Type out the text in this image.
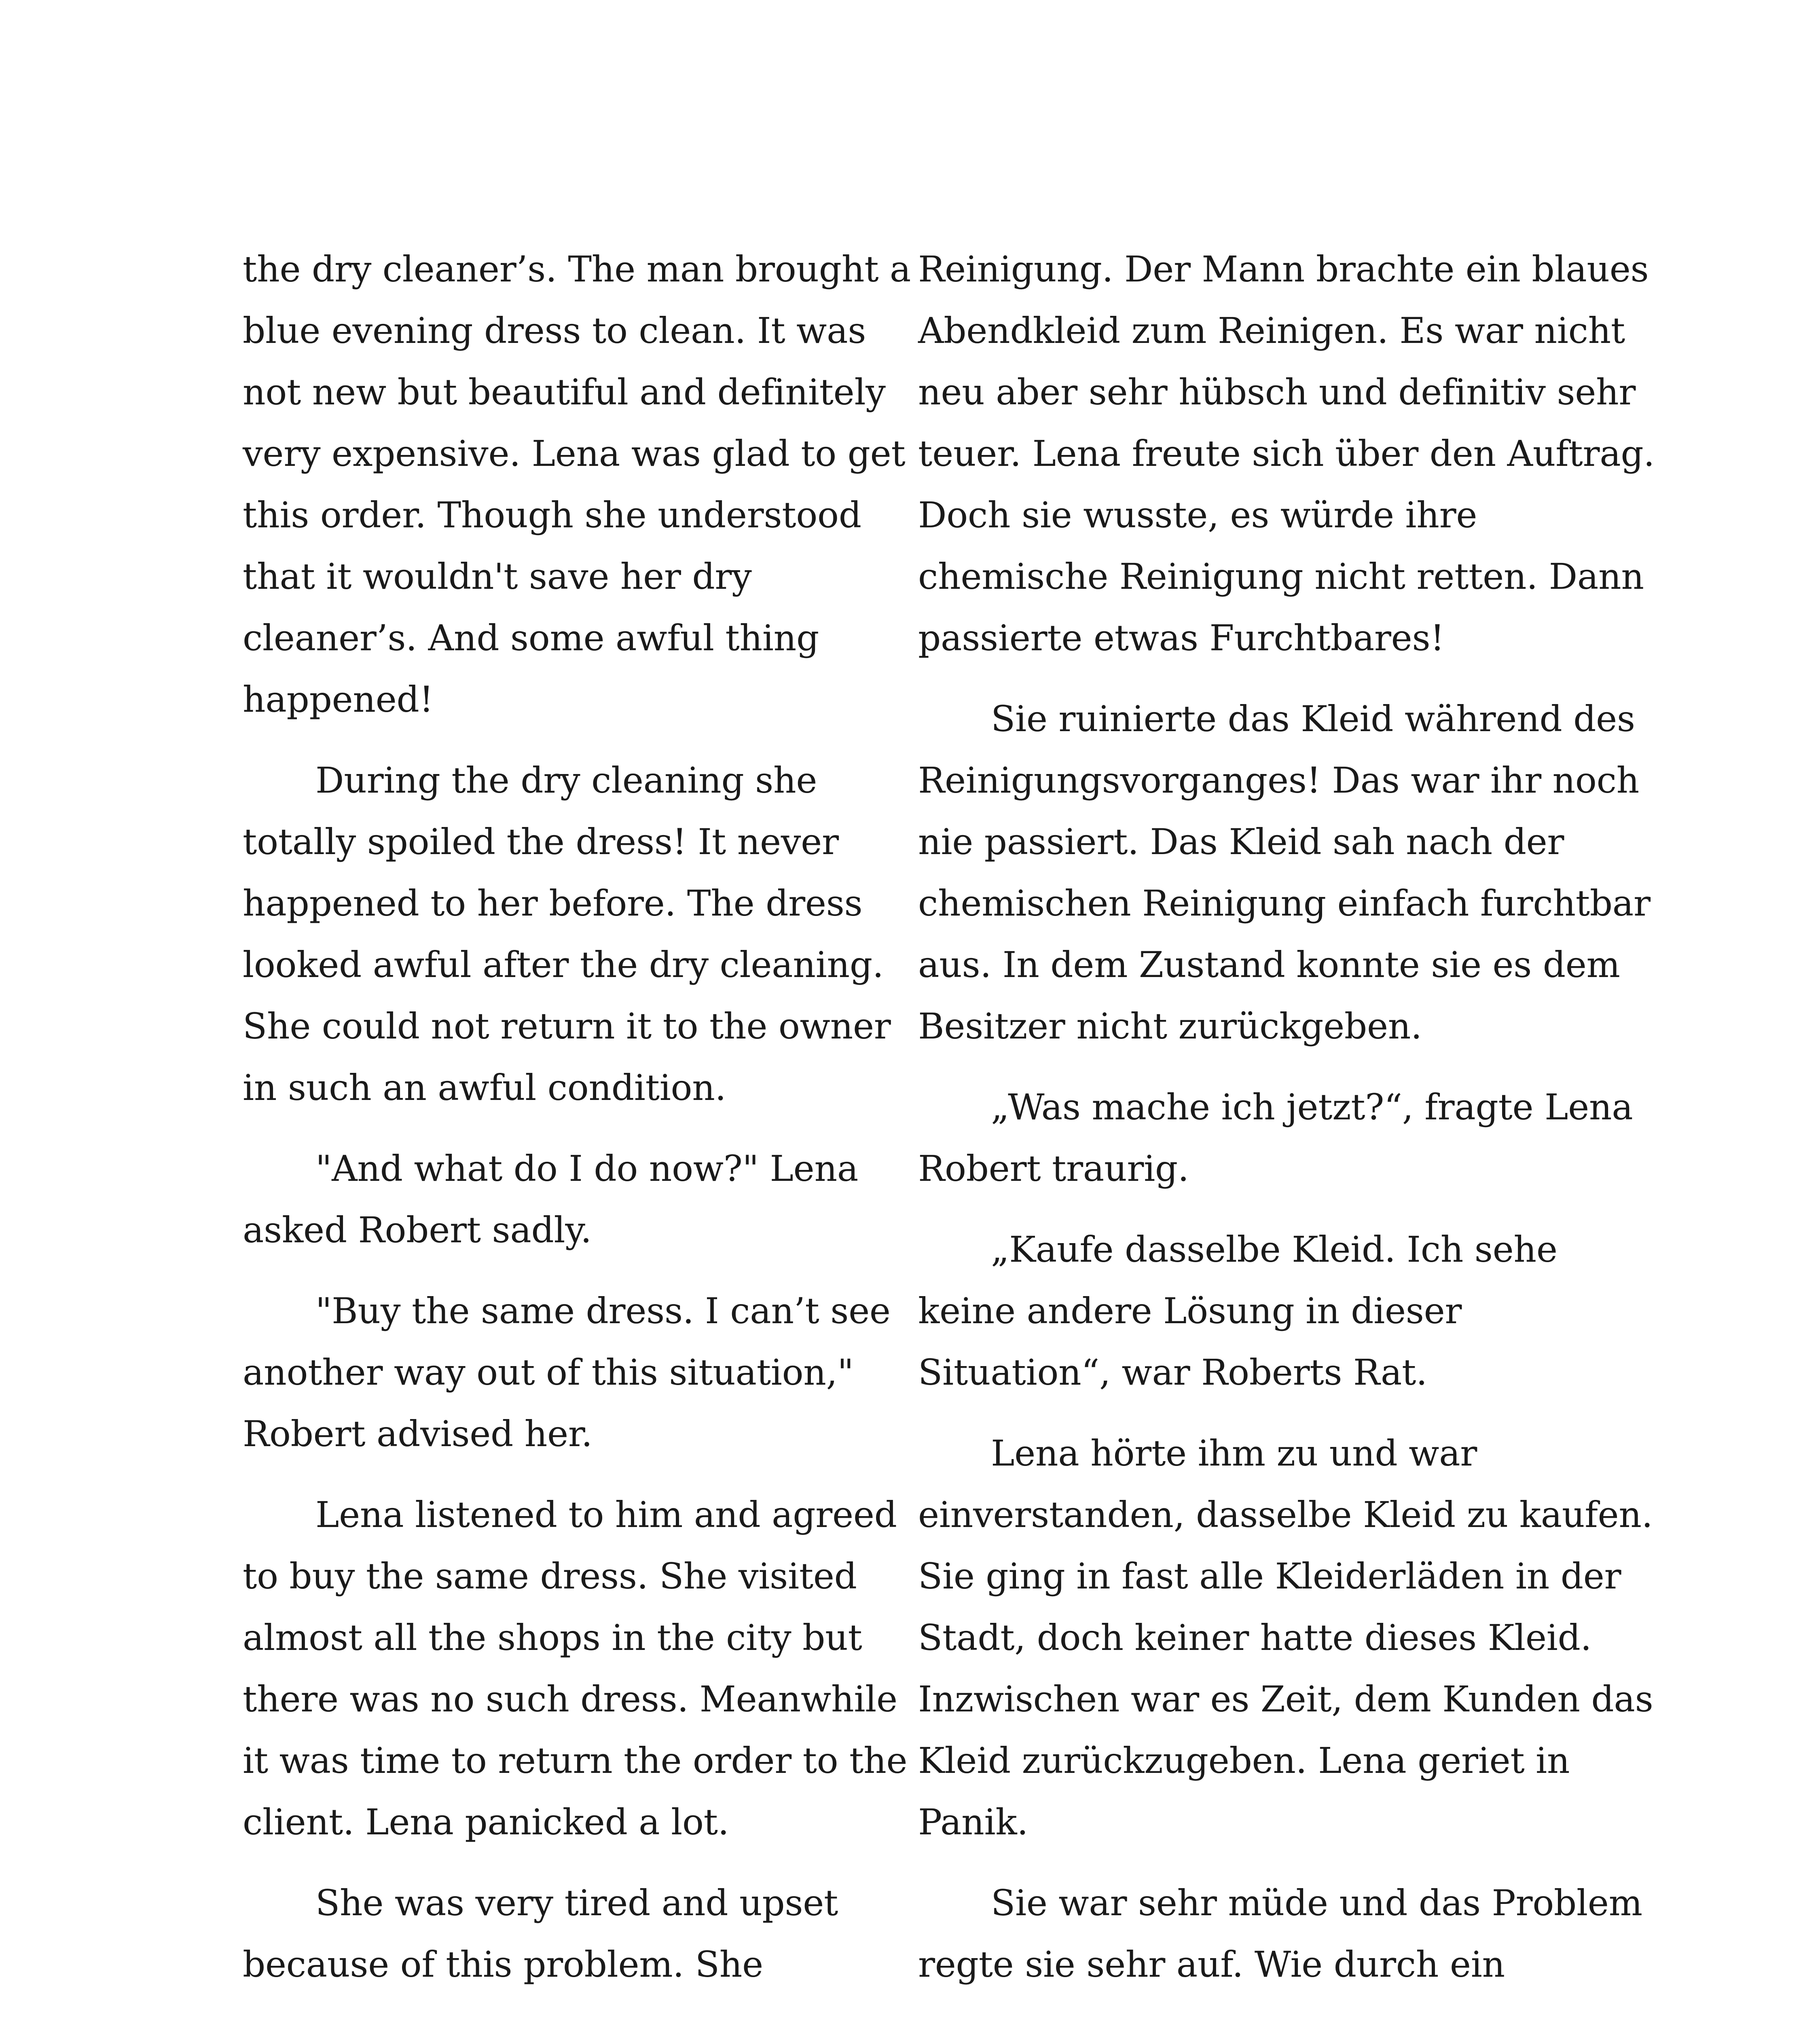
the dry cleaner’s. The man brought a
blue evening dress to clean. It was
not new but beautiful and definitely
very expensive. Lena was glad to get
this order. Though she understood
that it wouldn't save her dry
cleaner’s. And some awful thing
happened!
During the dry cleaning she
totally spoiled the dress! It never
happened to her before. The dress
looked awful after the dry cleaning.
She could not return it to the owner
in such an awful condition.
"And what do I do now?" Lena
asked Robert sadly.
"Buy the same dress. I can’t see
another way out of this situation,"
Robert advised her.
Lena listened to him and agreed
to buy the same dress. She visited
almost all the shops in the city but
there was no such dress. Meanwhile
it was time to return the order to the
client. Lena panicked a lot.
She was very tired and upset
because of this problem. She
Reinigung. Der Mann brachte ein blaues
Abendkleid zum Reinigen. Es war nicht
neu aber sehr hübsch und definitiv sehr
teuer. Lena freute sich über den Auftrag.
Doch sie wusste, es würde ihre
chemische Reinigung nicht retten. Dann
passierte etwas Furchtbares!
Sie ruinierte das Kleid während des
Reinigungsvorganges! Das war ihr noch
nie passiert. Das Kleid sah nach der
chemischen Reinigung einfach furchtbar
aus. In dem Zustand konnte sie es dem
Besitzer nicht zurückgeben.
„Was mache ich jetzt?“, fragte Lena
Robert traurig.
„Kaufe dasselbe Kleid. Ich sehe
keine andere Lösung in dieser
Situation“, war Roberts Rat.
Lena hörte ihm zu und war
einverstanden, dasselbe Kleid zu kaufen.
Sie ging in fast alle Kleiderläden in der
Stadt, doch keiner hatte dieses Kleid.
Inzwischen war es Zeit, dem Kunden das
Kleid zurückzugeben. Lena geriet in
Panik.
Sie war sehr müde und das Problem
regte sie sehr auf. Wie durch ein
